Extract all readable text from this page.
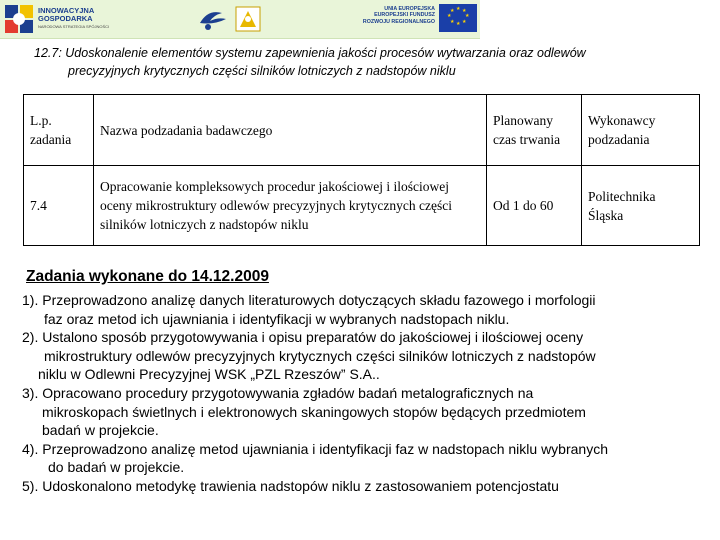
INNOWACYJNA
GOSPODARKA
NARODOWA STRATEGIA SPÓJNOŚCI
UNIA EUROPEJSKA
EUROPEJSKI FUNDUSZ
ROZWOJU REGIONALNEGO
★ ★
★
★
★
★
★
★
12.7: Udoskonalenie elementów systemu zapewnienia jakości procesów wytwarzania oraz odlewów
precyzyjnych krytycznych części silników lotniczych z nadstopów niklu
L.p. zadania	Nazwa podzadania badawczego	Planowany czas trwania	Wykonawcy podzadania
7.4	Opracowanie kompleksowych procedur jakościowej i ilościowej oceny mikrostruktury odlewów precyzyjnych krytycznych części silników lotniczych z nadstopów niklu	Od 1 do 60	Politechnika Śląska
Zadania wykonane do 14.12.2009
1). Przeprowadzono analizę danych literaturowych dotyczących składu fazowego i morfologii
faz oraz metod ich ujawniania i identyfikacji w wybranych nadstopach niklu.
2). Ustalono sposób przygotowywania i opisu preparatów do jakościowej i ilościowej oceny
mikrostruktury odlewów precyzyjnych krytycznych części silników lotniczych z nadstopów
niklu w Odlewni Precyzyjnej WSK „PZL Rzeszów” S.A..
3). Opracowano procedury przygotowywania zgładów badań metalograficznych na
mikroskopach świetlnych i elektronowych skaningowych stopów będących przedmiotem
badań w projekcie.
4). Przeprowadzono analizę metod ujawniania i identyfikacji faz w nadstopach niklu wybranych
do badań w projekcie.
5). Udoskonalono metodykę trawienia nadstopów niklu z zastosowaniem potencjostatu
